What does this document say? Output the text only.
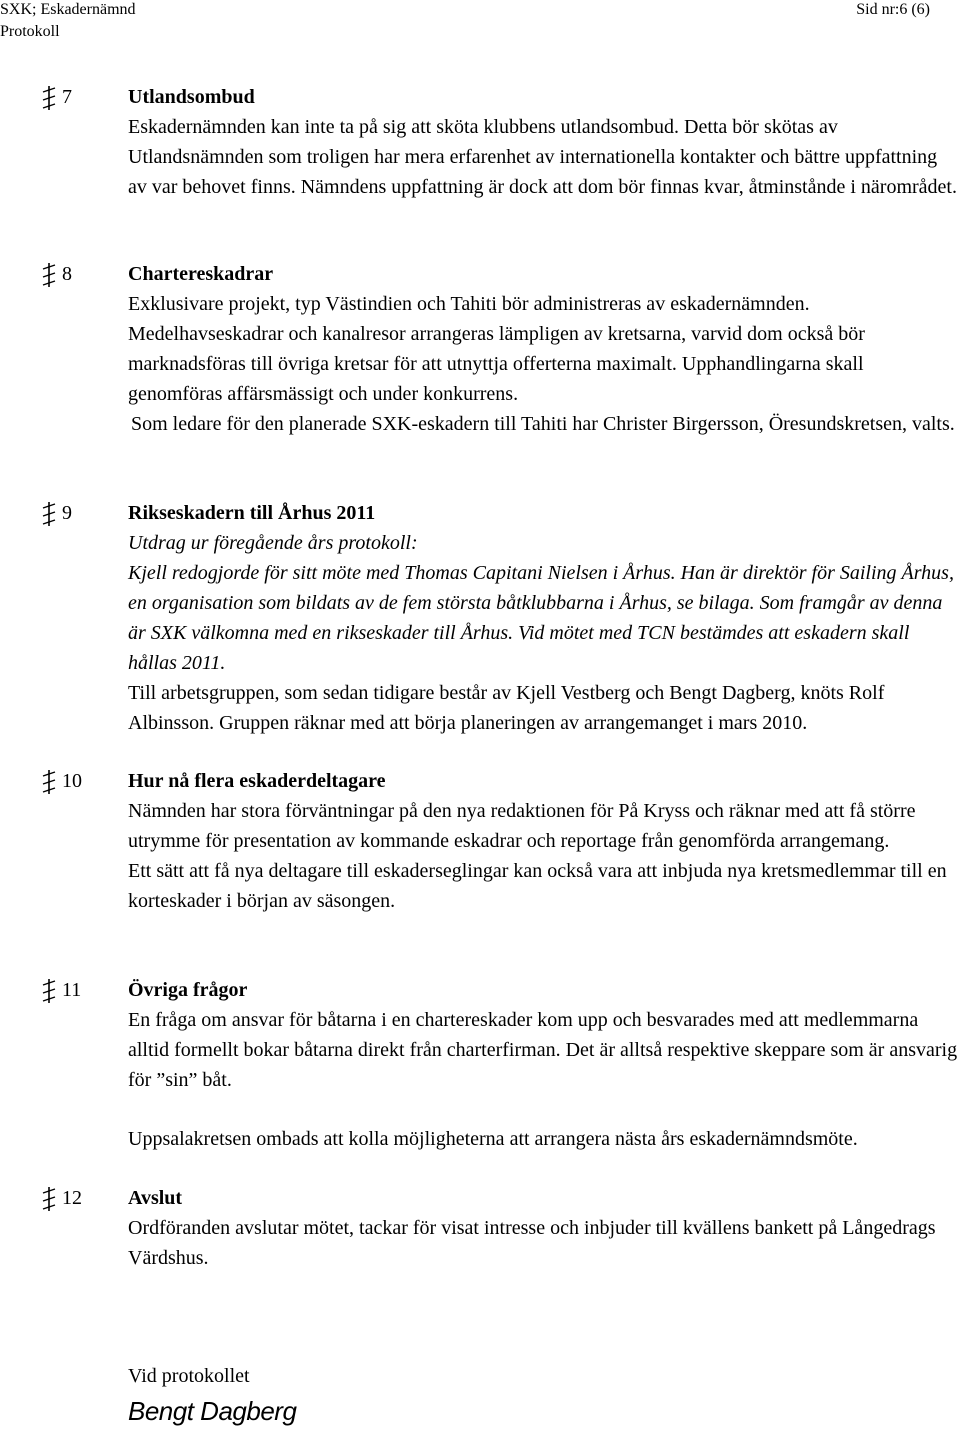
SXK; Eskadernämnd
Protokoll
Sid nr:6 (6)
7	Utlandsombud

Eskadernämnden kan inte ta på sig att sköta klubbens utlandsombud. Detta bör skötas av Utlandsnämnden som troligen har mera erfarenhet av internationella kontakter och bättre uppfattning av var behovet finns. Nämndens uppfattning är dock att dom bör finnas kvar, åtminstånde i närområdet.

8	Chartereskadrar

Exklusivare projekt, typ Västindien och Tahiti bör administreras av eskadernämnden.

Medelhavseskadrar och kanalresor arrangeras lämpligen av kretsarna, varvid dom också bör marknadsföras till övriga kretsar för att utnyttja offerterna maximalt. Upphandlingarna skall genomföras affärsmässigt och under konkurrens.

Som ledare för den planerade SXK-eskadern till Tahiti har Christer Birgersson, Öresundskretsen, valts.

9	Rikseskadern till Århus 2011

Utdrag ur föregående års protokoll:

Kjell redogjorde för sitt möte med Thomas Capitani Nielsen i Århus. Han är direktör för Sailing Århus, en organisation som bildats av de fem största båtklubbarna i Århus, se bilaga. Som framgår av denna är SXK välkomna med en rikseskader till Århus. Vid mötet med TCN bestämdes att eskadern skall hållas 2011.

Till arbetsgruppen, som sedan tidigare består av Kjell Vestberg och Bengt Dagberg, knöts Rolf Albinsson. Gruppen räknar med att börja planeringen av arrangemanget i mars 2010.

10	Hur nå flera eskaderdeltagare

Nämnden har stora förväntningar på den nya redaktionen för På Kryss och räknar med att få större utrymme för presentation av kommande eskadrar och reportage från genomförda arrangemang.

Ett sätt att få nya deltagare till eskaderseglingar kan också vara att inbjuda nya kretsmedlemmar till en korteskader i början av säsongen.

11	Övriga frågor

En fråga om ansvar för båtarna i en chartereskader kom upp och besvarades med att medlemmarna alltid formellt bokar båtarna direkt från charterfirman. Det är alltså respektive skeppare som är ansvarig för ”sin” båt.

Uppsalakretsen ombads att kolla möjligheterna att arrangera nästa års eskadernämndsmöte.

12	Avslut

Ordföranden avslutar mötet, tackar för visat intresse och inbjuder till kvällens bankett på Långedrags Värdshus.

Vid protokollet
Bengt Dagberg
